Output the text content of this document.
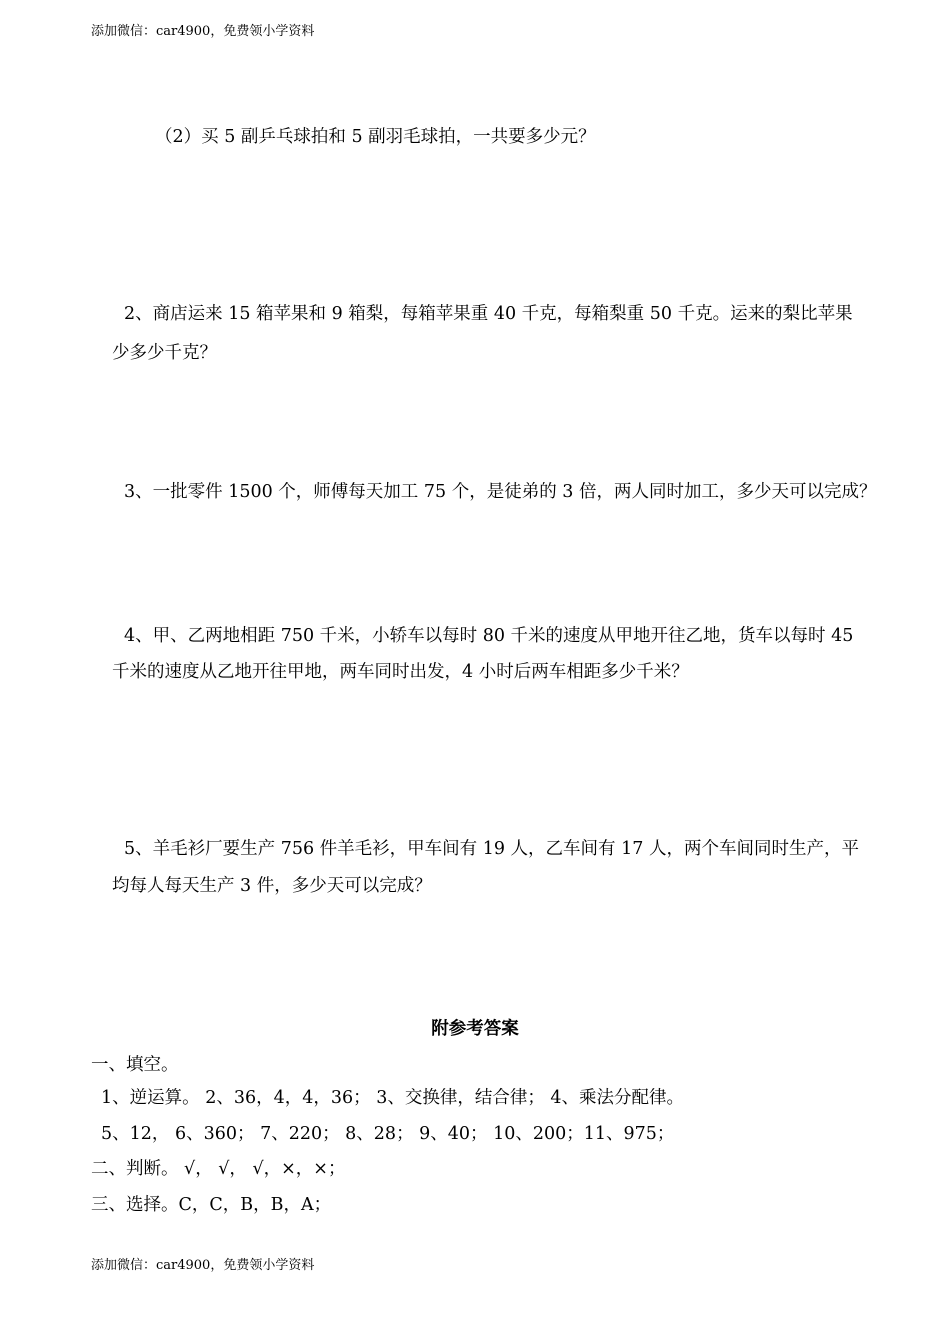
添加微信：car4900，免费领小学资料
（2）买 5 副乒乓球拍和 5 副羽毛球拍，一共要多少元？
2、商店运来 15 箱苹果和 9 箱梨，每箱苹果重 40 千克，每箱梨重 50 千克。运来的梨比苹果
少多少千克？
3、一批零件 1500 个，师傅每天加工 75 个，是徒弟的 3 倍，两人同时加工，多少天可以完成？
4、甲、乙两地相距 750 千米，小轿车以每时 80 千米的速度从甲地开往乙地，货车以每时 45
千米的速度从乙地开往甲地，两车同时出发，4 小时后两车相距多少千米？
5、羊毛衫厂要生产 756 件羊毛衫，甲车间有 19 人，乙车间有 17 人，两个车间同时生产，平
均每人每天生产 3 件，多少天可以完成？
附参考答案
一、填空。
1、逆运算。 2、36，4，4，36； 3、交换律，结合律； 4、乘法分配律。
5、12， 6、360； 7、220； 8、28； 9、40； 10、200；11、975；
二、判断。 √， √， √，×，×；
三、选择。C，C，B，B，A；
添加微信：car4900，免费领小学资料
